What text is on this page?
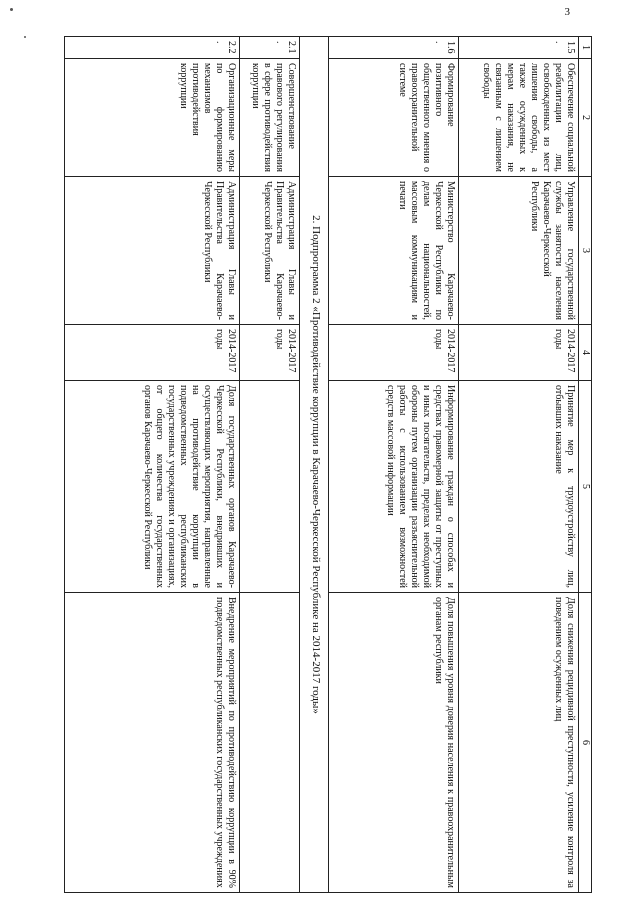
3
1	2	3	4	5	6
1.5.	Обеспечение социальной реабилитации лиц, освобожденных из мест лишения свободы, а также осужденных к мерам наказания, не связанным с лишением свободы	Управление государственной службы занятости населения Карачаево-Черкесской Республики	2014-2017 годы	Принятие мер к трудоустройству лиц, отбывших наказание	Доля снижения рецидивной преступности, усиление контроля за поведением осужденных лиц
1.6.	Формирование позитивного общественного мнения о правоохранительной системе	Министерство Карачаево-Черкесской Республики по делам национальностей, массовым коммуникациям и печати	2014-2017 годы	Информирование граждан о способах и средствах правомерной защиты от преступных и иных посягательств, пределах необходимой обороны путем организации разъяснительной работы с использованием возможностей средств массовой информации	Доля повышения уровня доверия населения к правоохранительным органам республики
2. Подпрограмма 2 «Противодействие коррупции в Карачаево-Черкесской Республике на 2014-2017 годы»					
2.1.	Совершенствование правового регулирования в сфере противодействия коррупции	Администрация Главы и Правительства Карачаево-Черкесской Республики	2014-2017 годы		
2.2.	Организационные меры по формированию механизмов противодействия коррупции	Администрация Главы и Правительства Карачаево-Черкесской Республики	2014-2017 годы	Доля государственных органов Карачаево-Черкесской Республики, внедривших и осуществляющих мероприятия, направленные на противодействие коррупции в подведомственных республиканских государственных учреждениях и организациях, от общего количества государственных органов Карачаево-Черкесской Республики	Внедрение мероприятий по противодействию коррупции в 90% подведомственных республиканских государственных учреждениях
